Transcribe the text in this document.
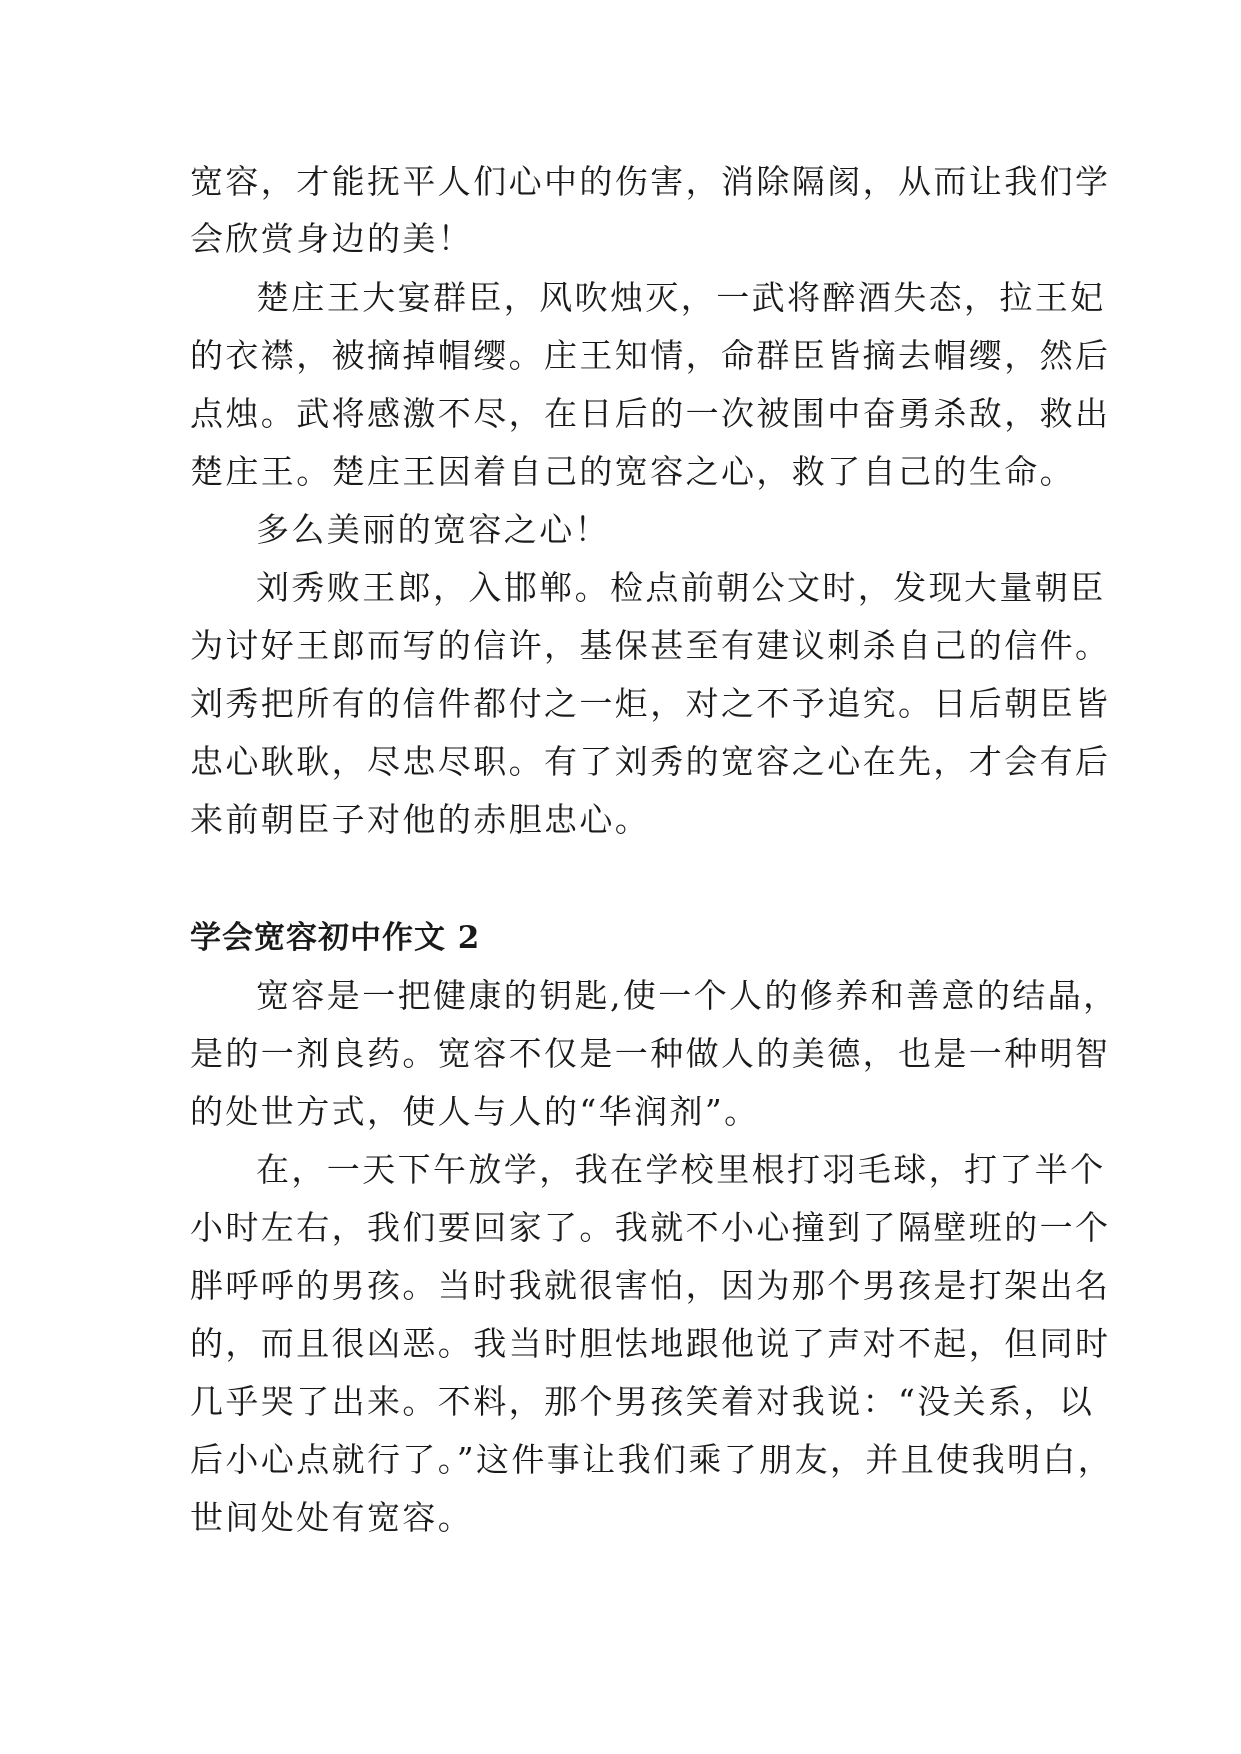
宽容，才能抚平人们心中的伤害，消除隔阂，从而让我们学

会欣赏身边的美！

楚庄王大宴群臣，风吹烛灭，一武将醉酒失态，拉王妃

的衣襟，被摘掉帽缨。庄王知情，命群臣皆摘去帽缨，然后

点烛。武将感激不尽，在日后的一次被围中奋勇杀敌，救出

楚庄王。楚庄王因着自己的宽容之心，救了自己的生命。

多么美丽的宽容之心！

刘秀败王郎，入邯郸。检点前朝公文时，发现大量朝臣

为讨好王郎而写的信许，基保甚至有建议刺杀自己的信件。

刘秀把所有的信件都付之一炬，对之不予追究。日后朝臣皆

忠心耿耿，尽忠尽职。有了刘秀的宽容之心在先，才会有后

来前朝臣子对他的赤胆忠心。

学会宽容初中作文 2

宽容是一把健康的钥匙,使一个人的修养和善意的结晶，

是的一剂良药。宽容不仅是一种做人的美德，也是一种明智

的处世方式，使人与人的“华润剂”。

在，一天下午放学，我在学校里根打羽毛球，打了半个

小时左右，我们要回家了。我就不小心撞到了隔壁班的一个

胖呼呼的男孩。当时我就很害怕，因为那个男孩是打架出名

的，而且很凶恶。我当时胆怯地跟他说了声对不起，但同时

几乎哭了出来。不料，那个男孩笑着对我说：“没关系，以

后小心点就行了。”这件事让我们乘了朋友，并且使我明白，

世间处处有宽容。
